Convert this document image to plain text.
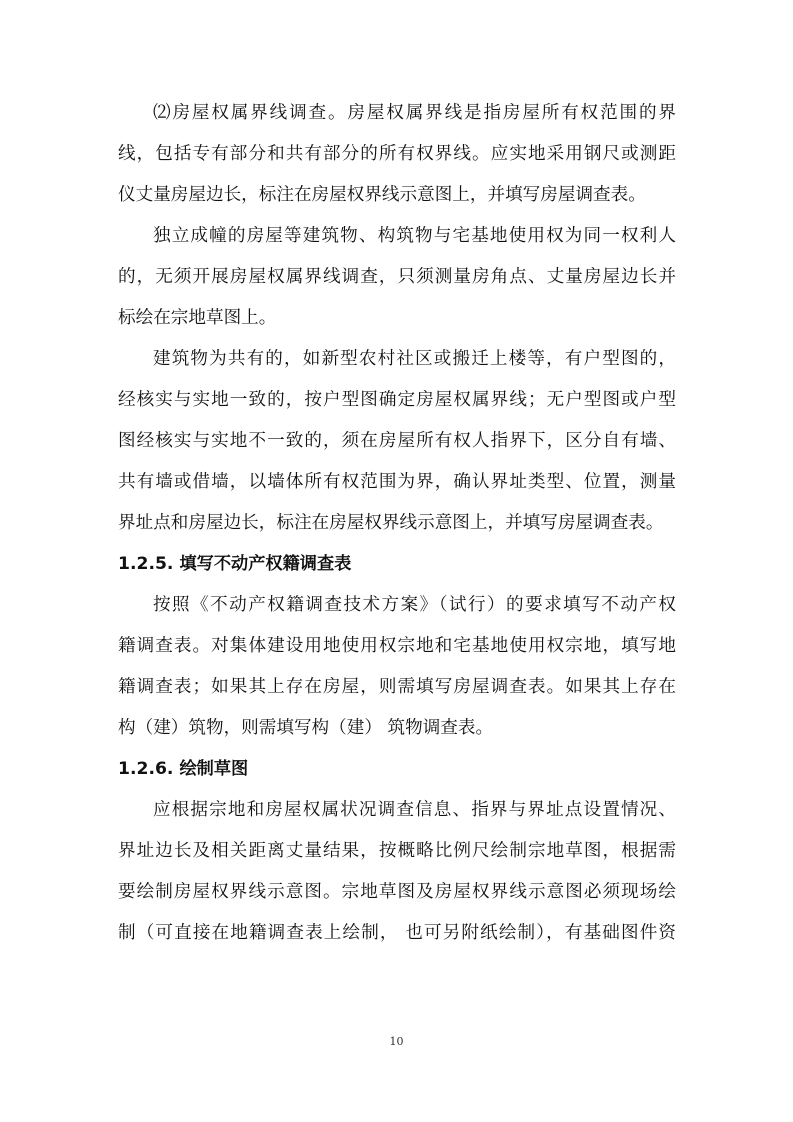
⑵房屋权属界线调查。房屋权属界线是指房屋所有权范围的界
线，包括专有部分和共有部分的所有权界线。应实地采用钢尺或测距
仪丈量房屋边长，标注在房屋权界线示意图上，并填写房屋调查表。
独立成幢的房屋等建筑物、构筑物与宅基地使用权为同一权利人
的，无须开展房屋权属界线调查，只须测量房角点、丈量房屋边长并
标绘在宗地草图上。
建筑物为共有的，如新型农村社区或搬迁上楼等，有户型图的，
经核实与实地一致的，按户型图确定房屋权属界线；无户型图或户型
图经核实与实地不一致的，须在房屋所有权人指界下，区分自有墙、
共有墙或借墙，以墙体所有权范围为界，确认界址类型、位置，测量
界址点和房屋边长，标注在房屋权界线示意图上，并填写房屋调查表。
1.2.5. 填写不动产权籍调查表
按照《不动产权籍调查技术方案》（试行）的要求填写不动产权
籍调查表。对集体建设用地使用权宗地和宅基地使用权宗地，填写地
籍调查表；如果其上存在房屋，则需填写房屋调查表。如果其上存在
构（建）筑物，则需填写构（建） 筑物调查表。
1.2.6. 绘制草图
应根据宗地和房屋权属状况调查信息、指界与界址点设置情况、
界址边长及相关距离丈量结果，按概略比例尺绘制宗地草图，根据需
要绘制房屋权界线示意图。宗地草图及房屋权界线示意图必须现场绘
制（可直接在地籍调查表上绘制， 也可另附纸绘制），有基础图件资
10
